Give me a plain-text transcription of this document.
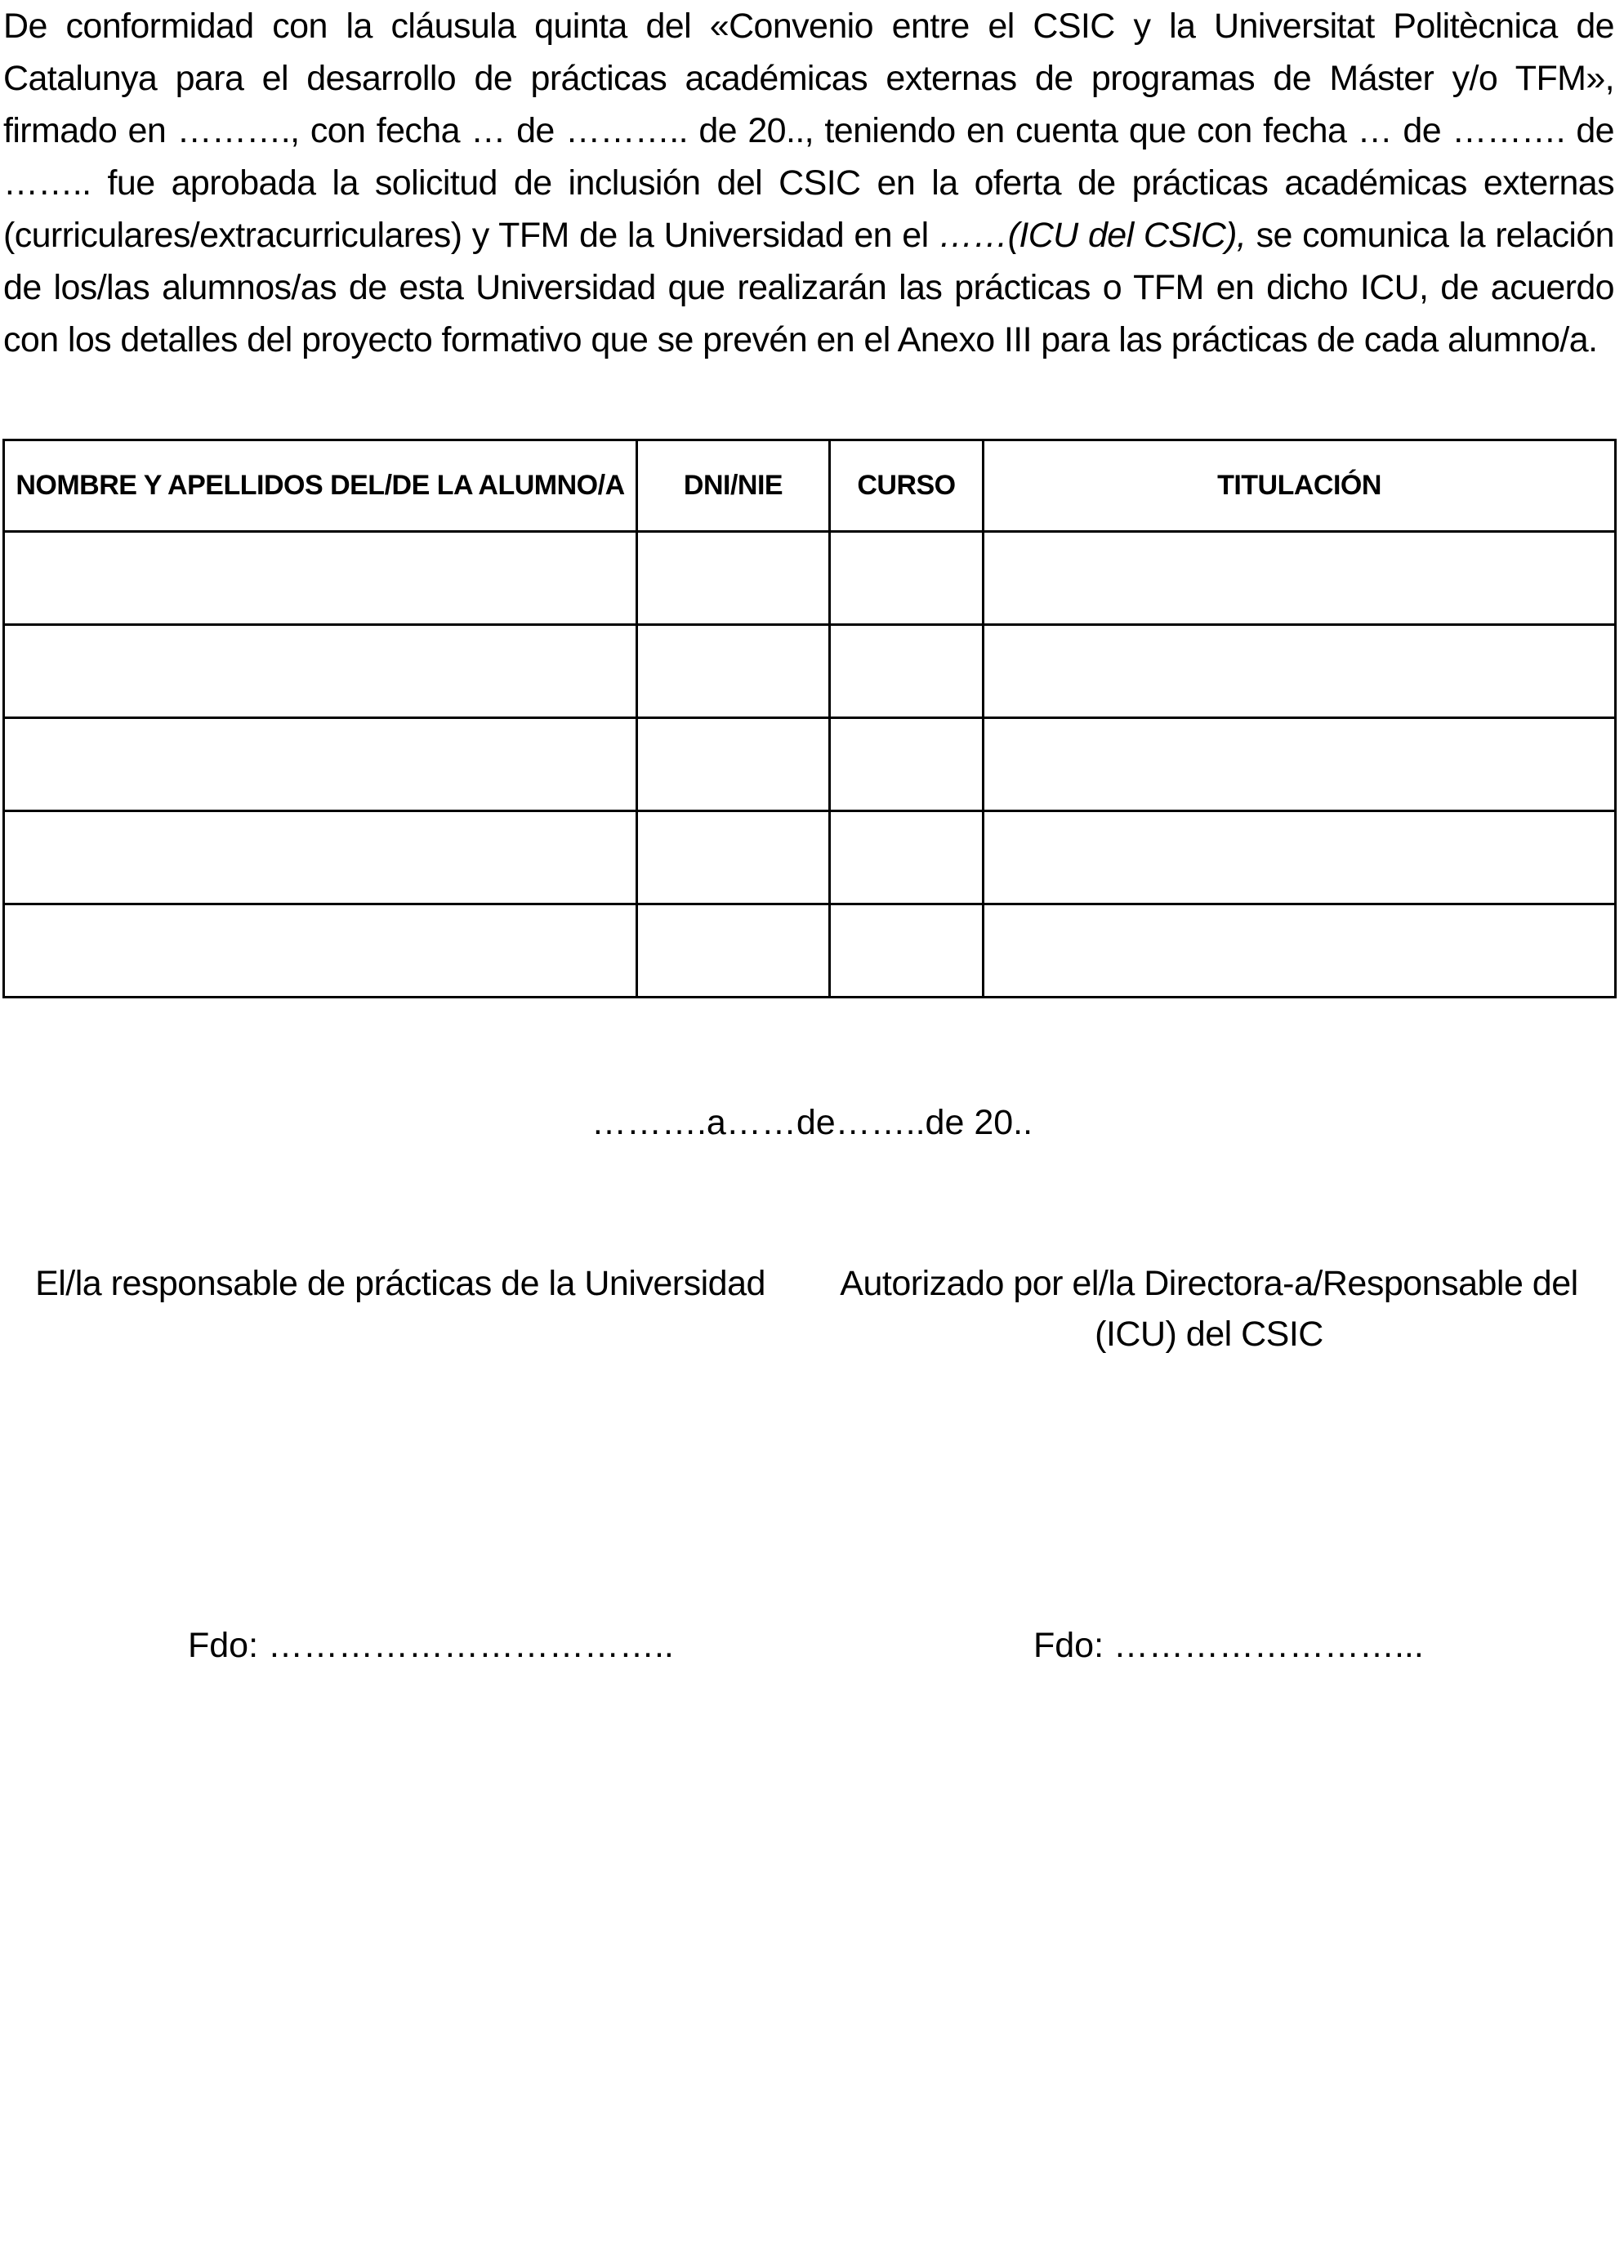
De conformidad con la cláusula quinta del «Convenio entre el CSIC y la Universitat Politècnica de Catalunya para el desarrollo de prácticas académicas externas de programas de Máster y/o TFM», firmado en ………., con fecha … de ……….. de 20.., teniendo en cuenta que con fecha … de ………. de …….. fue aprobada la solicitud de inclusión del CSIC en la oferta de prácticas académicas externas (curriculares/extracurriculares) y TFM de la Universidad en el ……(ICU del CSIC), se comunica la relación de los/las alumnos/as de esta Universidad que realizarán las prácticas o TFM en dicho ICU, de acuerdo con los detalles del proyecto formativo que se prevén en el Anexo III para las prácticas de cada alumno/a.

NOMBRE Y APELLIDOS DEL/DE LA ALUMNO/A	DNI/NIE	CURSO	TITULACIÓN

……….a……de……..de 20..

El/la responsable de prácticas de la Universidad Autorizado por el/la Directora-a/Responsable del
(ICU) del CSIC

Fdo: ……………………………..	Fdo: ……………………...
